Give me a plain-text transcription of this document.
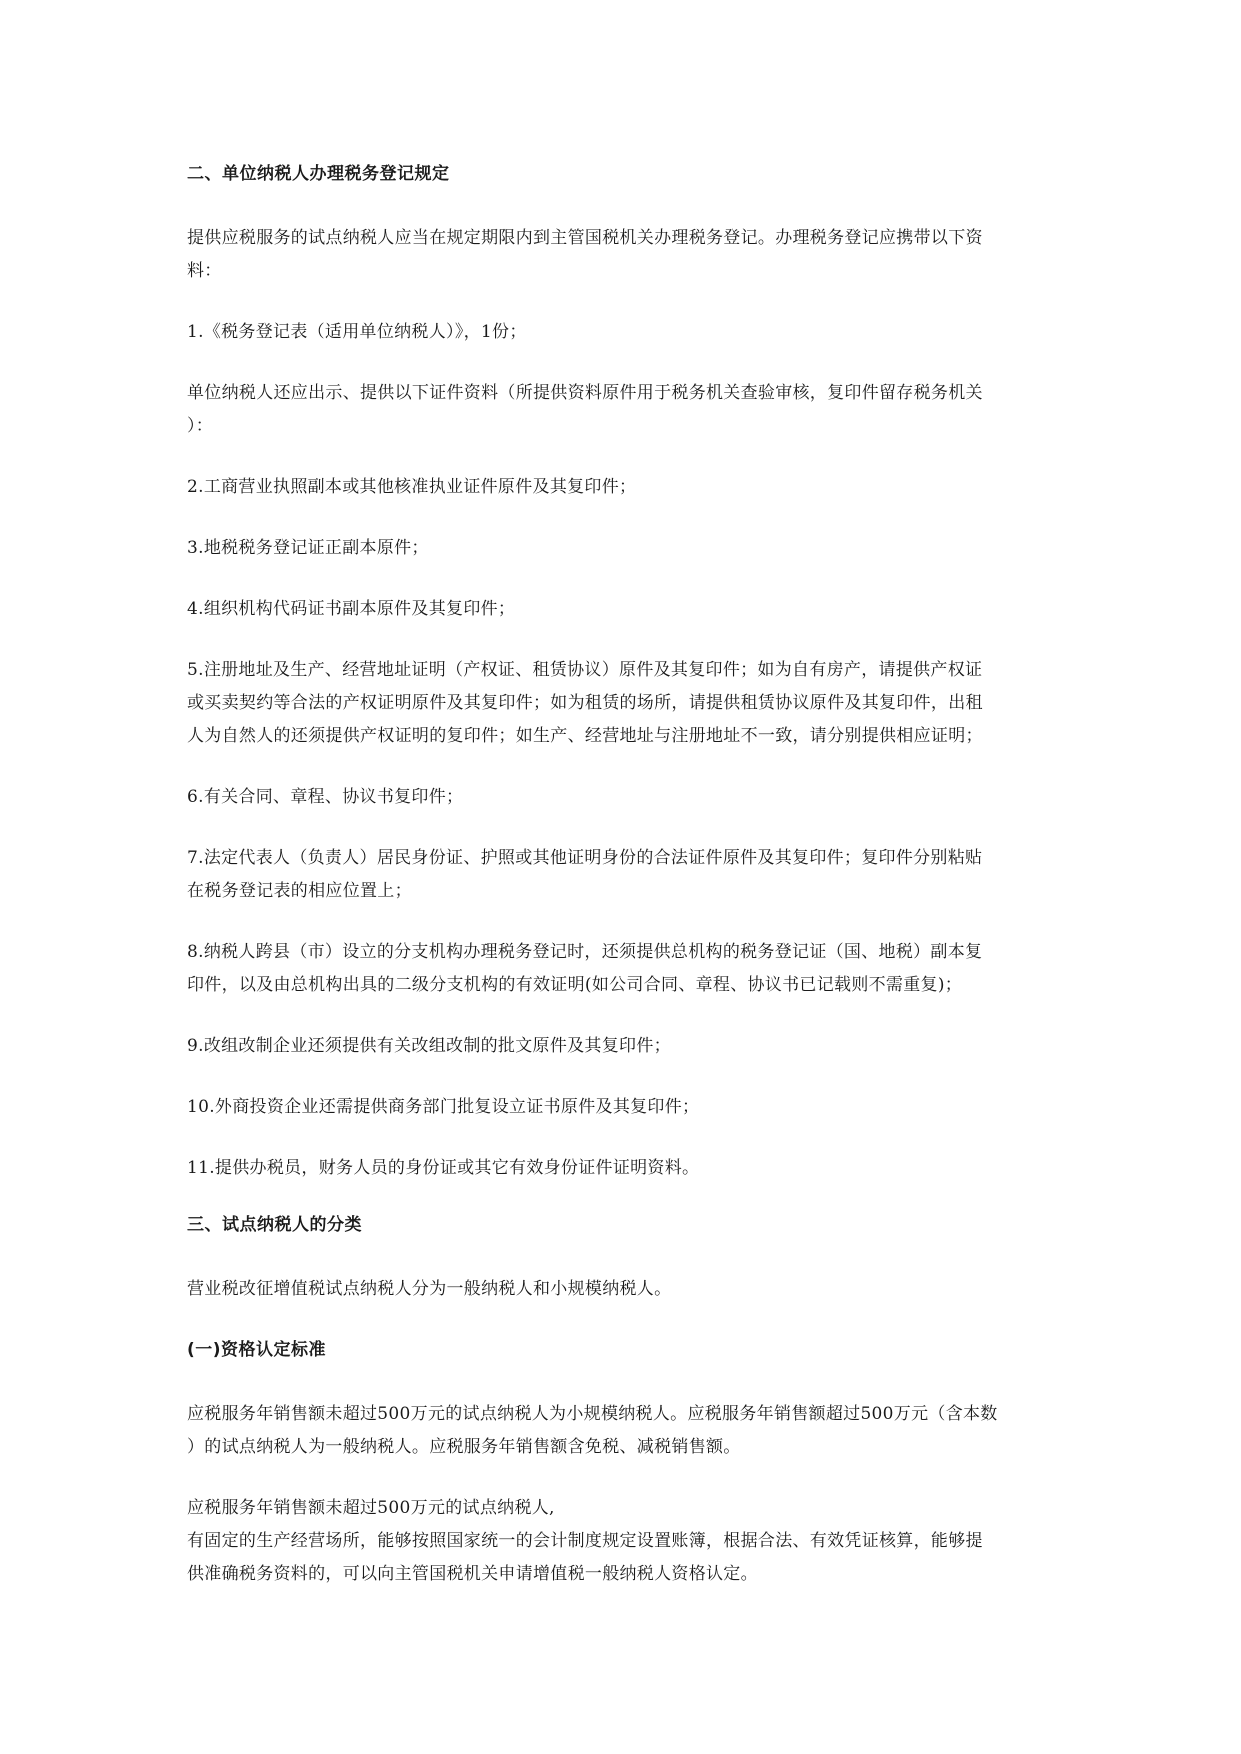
二、单位纳税人办理税务登记规定
提供应税服务的试点纳税人应当在规定期限内到主管国税机关办理税务登记。办理税务登记应携带以下资
料：
1.《税务登记表（适用单位纳税人）》，1份；
单位纳税人还应出示、提供以下证件资料（所提供资料原件用于税务机关查验审核，复印件留存税务机关
）：
2.工商营业执照副本或其他核准执业证件原件及其复印件；
3.地税税务登记证正副本原件；
4.组织机构代码证书副本原件及其复印件；
5.注册地址及生产、经营地址证明（产权证、租赁协议）原件及其复印件；如为自有房产，请提供产权证
或买卖契约等合法的产权证明原件及其复印件；如为租赁的场所，请提供租赁协议原件及其复印件，出租
人为自然人的还须提供产权证明的复印件；如生产、经营地址与注册地址不一致，请分别提供相应证明；
6.有关合同、章程、协议书复印件；
7.法定代表人（负责人）居民身份证、护照或其他证明身份的合法证件原件及其复印件；复印件分别粘贴
在税务登记表的相应位置上；
8.纳税人跨县（市）设立的分支机构办理税务登记时，还须提供总机构的税务登记证（国、地税）副本复
印件，以及由总机构出具的二级分支机构的有效证明(如公司合同、章程、协议书已记载则不需重复)；
9.改组改制企业还须提供有关改组改制的批文原件及其复印件；
10.外商投资企业还需提供商务部门批复设立证书原件及其复印件；
11.提供办税员，财务人员的身份证或其它有效身份证件证明资料。
三、试点纳税人的分类
营业税改征增值税试点纳税人分为一般纳税人和小规模纳税人。
(一)资格认定标准
应税服务年销售额未超过500万元的试点纳税人为小规模纳税人。应税服务年销售额超过500万元（含本数
）的试点纳税人为一般纳税人。应税服务年销售额含免税、减税销售额。
应税服务年销售额未超过500万元的试点纳税人,
有固定的生产经营场所，能够按照国家统一的会计制度规定设置账簿，根据合法、有效凭证核算，能够提
供准确税务资料的，可以向主管国税机关申请增值税一般纳税人资格认定。
